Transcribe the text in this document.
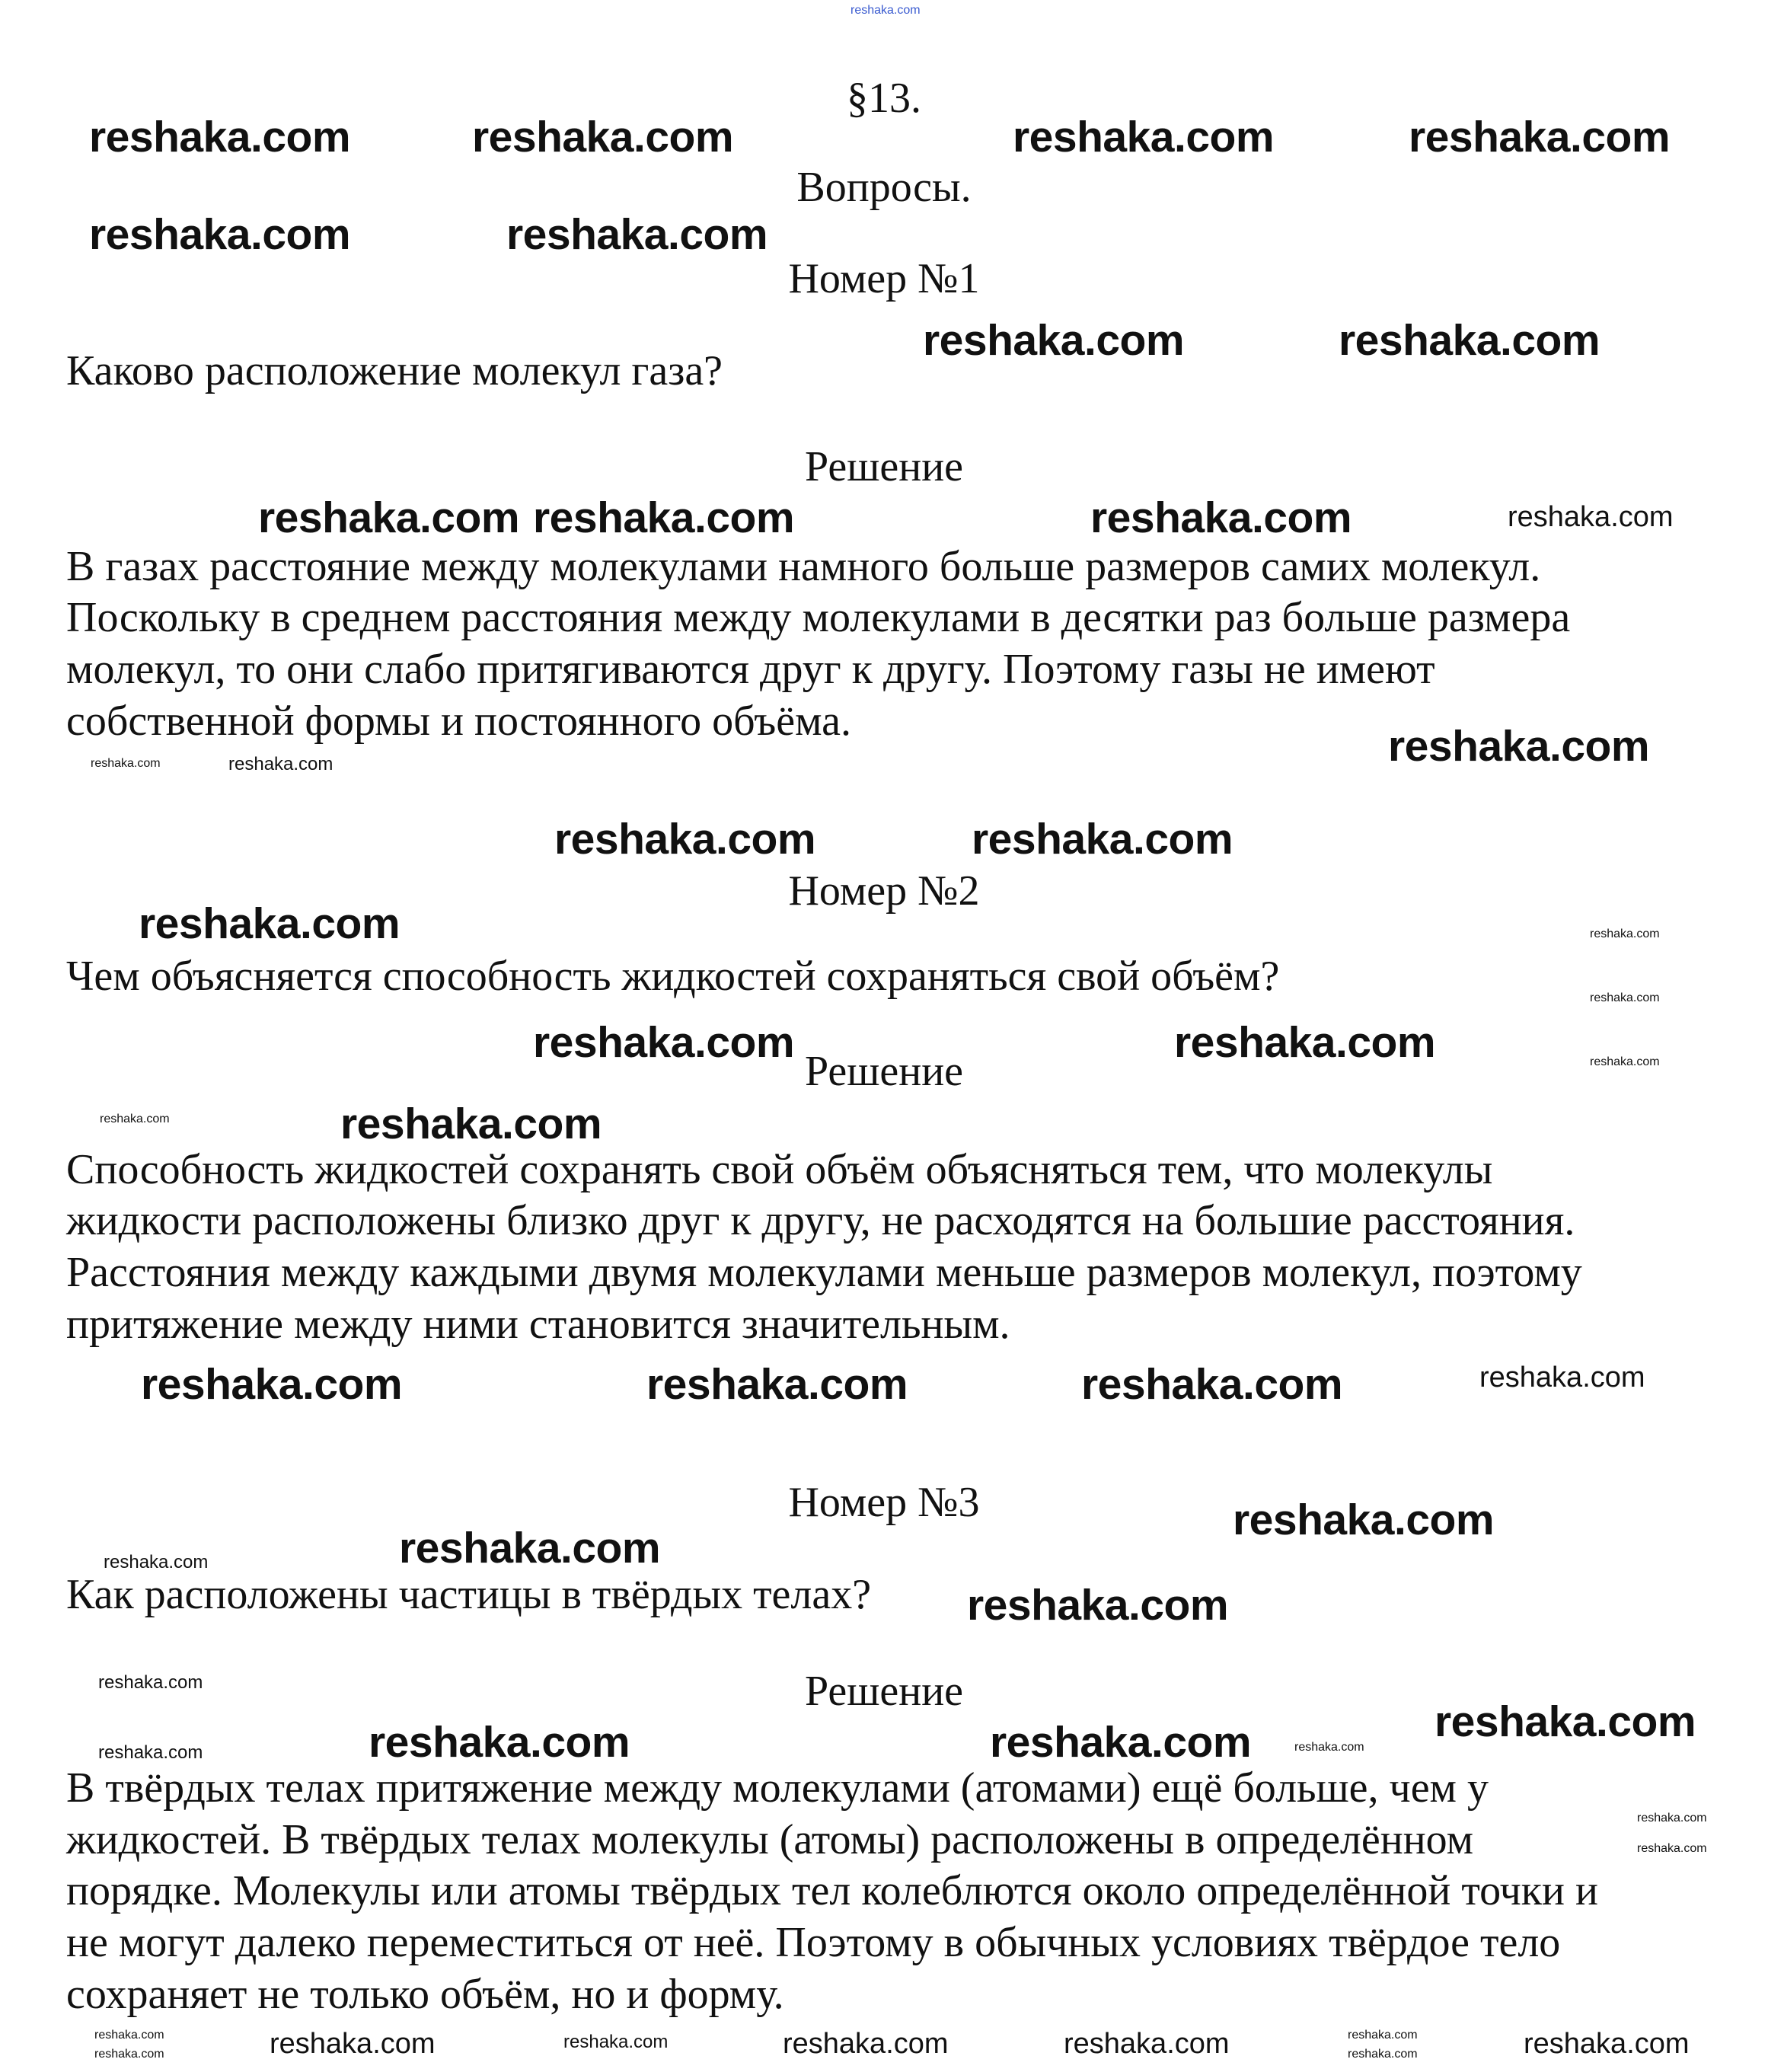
reshaka.com
§13.
Вопросы.
Номер №1
Каково расположение молекул газа?
Решение
В газах расстояние между молекулами намного больше размеров самих молекул.
Поскольку в среднем расстояния между молекулами в десятки раз больше размера
молекул, то они слабо притягиваются друг к другу. Поэтому газы не имеют
собственной формы и постоянного объёма.
Номер №2
Чем объясняется способность жидкостей сохраняться свой объём?
Решение
Способность жидкостей сохранять свой объём объясняться тем, что молекулы
жидкости расположены близко друг к другу, не расходятся на большие расстояния.
Расстояния между каждыми двумя молекулами меньше размеров молекул, поэтому
притяжение между ними становится значительным.
Номер №3
Как расположены частицы в твёрдых телах?
Решение
В твёрдых телах притяжение между молекулами (атомами) ещё больше, чем у
жидкостей. В твёрдых телах молекулы (атомы) расположены в определённом
порядке. Молекулы или атомы твёрдых тел колеблются около определённой точки и
не могут далеко переместиться от неё. Поэтому в обычных условиях твёрдое тело
сохраняет не только объём, но и форму.
reshaka.com	reshaka.com	reshaka.com	reshaka.com
reshaka.com	reshaka.com
reshaka.com	reshaka.com
reshaka.com reshaka.com	reshaka.com	reshaka.com
reshaka.com	reshaka.com	reshaka.com
reshaka.com	reshaka.com
reshaka.com	reshaka.com
reshaka.com
reshaka.com
reshaka.com	reshaka.com
reshaka.com	reshaka.com
reshaka.com
reshaka.com
reshaka.com	reshaka.com
reshaka.com
reshaka.com	reshaka.com
reshaka.com
reshaka.com
reshaka.com
reshaka.com
reshaka.com	reshaka.com	reshaka.com
reshaka.com
reshaka.com
reshaka.com	reshaka.com	reshaka.com
reshaka.com	reshaka.com
reshaka.com	reshaka.com	reshaka.com	reshaka.com
